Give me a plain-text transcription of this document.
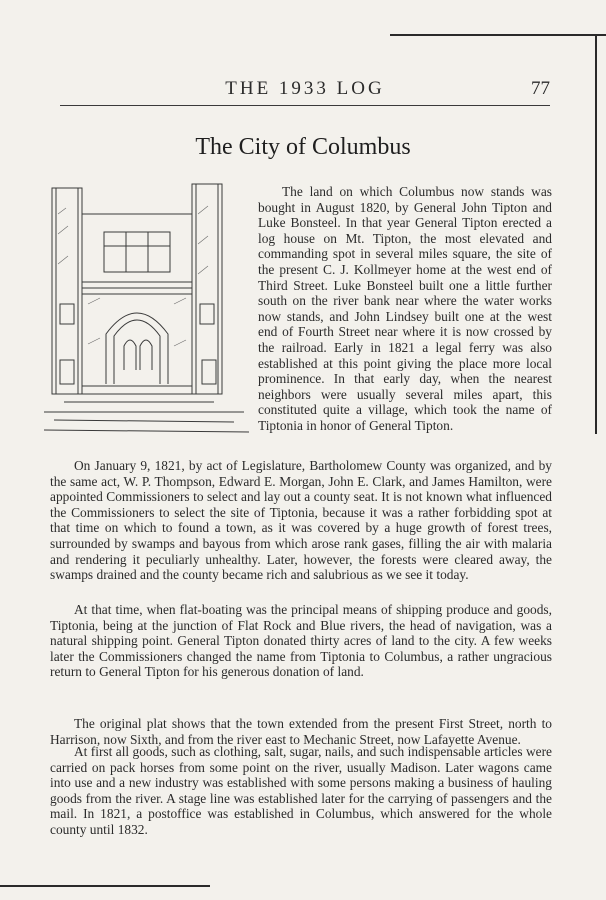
THE 1933 LOG	77
The City of Columbus

The land on which Columbus now stands was bought in August 1820, by General John Tipton and Luke Bonsteel. In that year General Tipton erected a log house on Mt. Tipton, the most elevated and commanding spot in several miles square, the site of the present C. J. Kollmeyer home at the west end of Third Street. Luke Bonsteel built one a little further south on the river bank near where the water works now stands, and John Lindsey built one at the west end of Fourth Street near where it is now crossed by the railroad. Early in 1821 a legal ferry was also established at this point giving the place more local prominence. In that early day, when the nearest neighbors were usually several miles apart, this constituted quite a village, which took the name of Tiptonia in honor of General Tipton.

On January 9, 1821, by act of Legislature, Bartholomew County was organized, and by the same act, W. P. Thompson, Edward E. Morgan, John E. Clark, and James Hamilton, were appointed Commissioners to select and lay out a county seat. It is not known what influenced the Commissioners to select the site of Tiptonia, because it was a rather forbidding spot at that time on which to found a town, as it was covered by a huge growth of forest trees, surrounded by swamps and bayous from which arose rank gases, filling the air with malaria and rendering it peculiarly unhealthy. Later, however, the forests were cleared away, the swamps drained and the county became rich and salubrious as we see it today.

At that time, when flat-boating was the principal means of shipping produce and goods, Tiptonia, being at the junction of Flat Rock and Blue rivers, the head of navigation, was a natural shipping point. General Tipton donated thirty acres of land to the city. A few weeks later the Commissioners changed the name from Tiptonia to Columbus, a rather ungracious return to General Tipton for his generous donation of land.

The original plat shows that the town extended from the present First Street, north to Harrison, now Sixth, and from the river east to Mechanic Street, now Lafayette Avenue.

At first all goods, such as clothing, salt, sugar, nails, and such indispensable articles were carried on pack horses from some point on the river, usually Madison. Later wagons came into use and a new industry was established with some persons making a business of hauling goods from the river. A stage line was established later for the carrying of passengers and the mail. In 1821, a postoffice was established in Columbus, which answered for the whole county until 1832.
